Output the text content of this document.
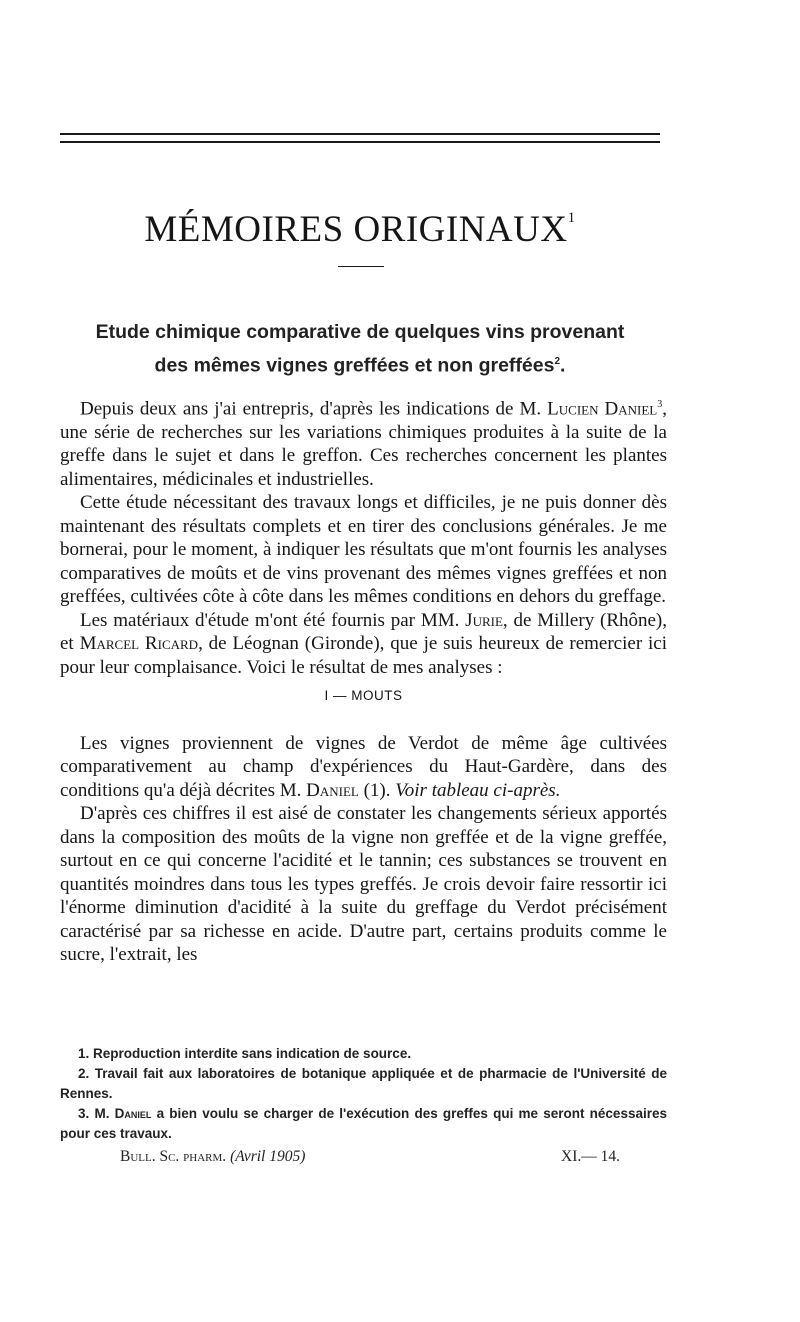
MÉMOIRES ORIGINAUX$^1$
Etude chimique comparative de quelques vins provenant
des mêmes vignes greffées et non greffées$^2$.

Depuis deux ans j'ai entrepris, d'après les indications de M. Lucien Daniel$^3$, une série de recherches sur les variations chimiques produites à la suite de la greffe dans le sujet et dans le greffon. Ces recherches concernent les plantes alimentaires, médicinales et industrielles.

Cette étude nécessitant des travaux longs et difficiles, je ne puis donner dès maintenant des résultats complets et en tirer des conclusions générales. Je me bornerai, pour le moment, à indiquer les résultats que m'ont fournis les analyses comparatives de moûts et de vins provenant des mêmes vignes greffées et non greffées, cultivées côte à côte dans les mêmes conditions en dehors du greffage.

Les matériaux d'étude m'ont été fournis par MM. Jurie, de Millery (Rhône), et Marcel Ricard, de Léognan (Gironde), que je suis heureux de remercier ici pour leur complaisance. Voici le résultat de mes analyses :

I — MOUTS

Les vignes proviennent de vignes de Verdot de même âge cultivées comparativement au champ d'expériences du Haut-Gardère, dans des conditions qu'a déjà décrites M. Daniel (1). Voir tableau ci-après.

D'après ces chiffres il est aisé de constater les changements sérieux apportés dans la composition des moûts de la vigne non greffée et de la vigne greffée, surtout en ce qui concerne l'acidité et le tannin; ces substances se trouvent en quantités moindres dans tous les types greffés. Je crois devoir faire ressortir ici l'énorme diminution d'acidité à la suite du greffage du Verdot précisément caractérisé par sa richesse en acide. D'autre part, certains produits comme le sucre, l'extrait, les

1. Reproduction interdite sans indication de source.

2. Travail fait aux laboratoires de botanique appliquée et de pharmacie de l'Université de Rennes.

3. M. Daniel a bien voulu se charger de l'exécution des greffes qui me seront nécessaires pour ces travaux.

Bull. Sc. pharm. (Avril 1905)	XI.— 14.
